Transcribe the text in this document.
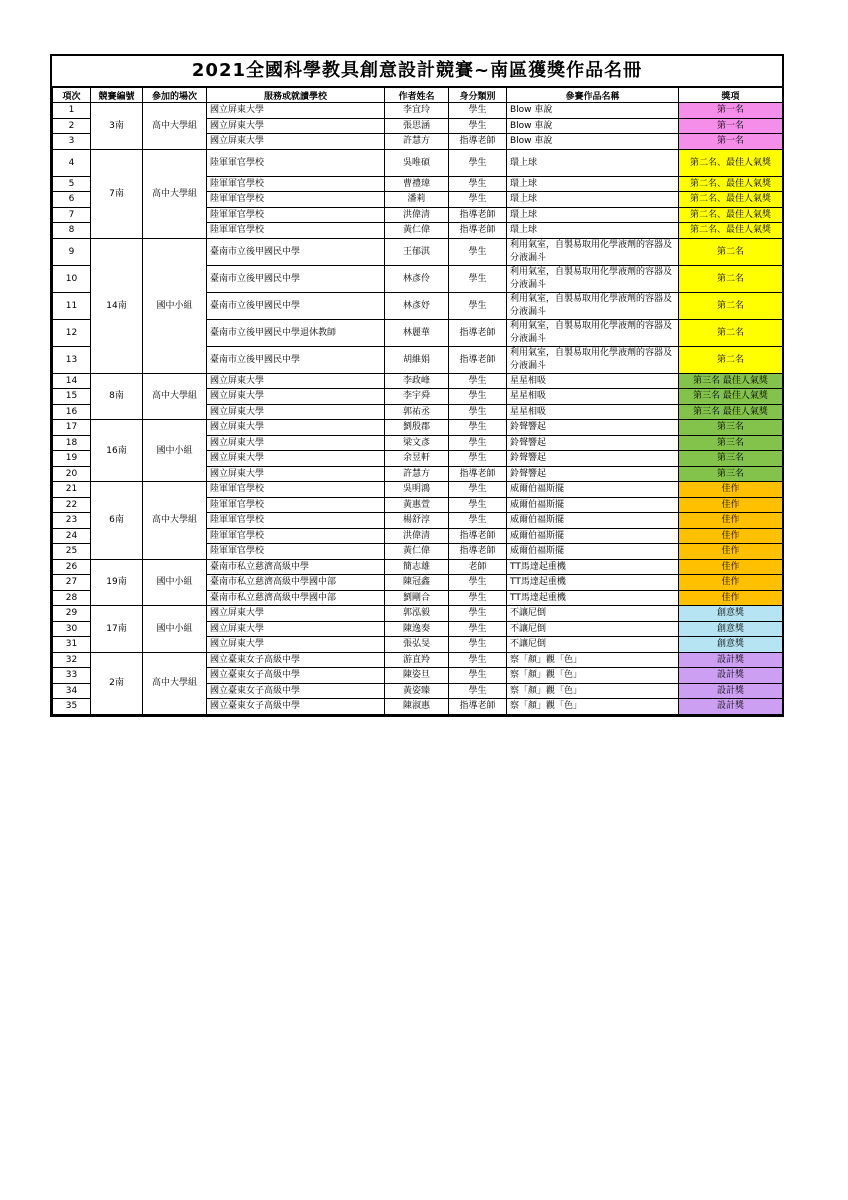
2021全國科學教具創意設計競賽~南區獲獎作品名冊
項次	競賽編號	參加的場次	服務或就讀學校	作者姓名	身分類別	參賽作品名稱	獎項
1	3南	高中大學組	國立屏東大學	李宜玲	學生	Blow 車說	第一名
2			國立屏東大學	張思涵	學生	Blow 車說	第一名
3			國立屏東大學	許慧方	指導老師	Blow 車說	第一名
4	7南	高中大學組	陸軍軍官學校	吳唯碩	學生	環上球	第二名、最佳人氣獎
5			陸軍軍官學校	曹禮瑋	學生	環上球	第二名、最佳人氣獎
6			陸軍軍官學校	潘莉	學生	環上球	第二名、最佳人氣獎
7			陸軍軍官學校	洪偉清	指導老師	環上球	第二名、最佳人氣獎
8			陸軍軍官學校	黃仁偉	指導老師	環上球	第二名、最佳人氣獎
9	14南	國中小組	臺南市立後甲國民中學	王郁淇	學生	利用氣室，自製易取用化學液劑的容器及分液漏斗	第二名
10			臺南市立後甲國民中學	林彥伶	學生	利用氣室，自製易取用化學液劑的容器及分液漏斗	第二名
11			臺南市立後甲國民中學	林彥妤	學生	利用氣室，自製易取用化學液劑的容器及分液漏斗	第二名
12			臺南市立後甲國民中學退休教師	林麗華	指導老師	利用氣室，自製易取用化學液劑的容器及分液漏斗	第二名
13			臺南市立後甲國民中學	胡維娟	指導老師	利用氣室，自製易取用化學液劑的容器及分液漏斗	第二名
14	8南	高中大學組	國立屏東大學	李政峰	學生	星星相吸	第三名 最佳人氣獎
15			國立屏東大學	李宇舜	學生	星星相吸	第三名 最佳人氣獎
16			國立屏東大學	郭祐丞	學生	星星相吸	第三名 最佳人氣獎
17	16南	國中小組	國立屏東大學	劉殷郡	學生	鈴聲響起	第三名
18			國立屏東大學	梁文彥	學生	鈴聲響起	第三名
19			國立屏東大學	余昱軒	學生	鈴聲響起	第三名
20			國立屏東大學	許慧方	指導老師	鈴聲響起	第三名
21	6南	高中大學組	陸軍軍官學校	吳明鴻	學生	威爾伯福斯擺	佳作
22			陸軍軍官學校	黃惠萱	學生	威爾伯福斯擺	佳作
23			陸軍軍官學校	楊舒淳	學生	威爾伯福斯擺	佳作
24			陸軍軍官學校	洪偉清	指導老師	威爾伯福斯擺	佳作
25			陸軍軍官學校	黃仁偉	指導老師	威爾伯福斯擺	佳作
26	19南	國中小組	臺南市私立慈濟高級中學	簡志雄	老師	TT馬達起重機	佳作
27			臺南市私立慈濟高級中學國中部	陳冠鑫	學生	TT馬達起重機	佳作
28			臺南市私立慈濟高級中學國中部	劉剛合	學生	TT馬達起重機	佳作
29	17南	國中小組	國立屏東大學	郭泓毅	學生	不讓尼倒	創意獎
30			國立屏東大學	陳逸奏	學生	不讓尼倒	創意獎
31			國立屏東大學	張弘旻	學生	不讓尼倒	創意獎
32	2南	高中大學組	國立臺東女子高級中學	游直羚	學生	察「顏」觀「色」	設計獎
33			國立臺東女子高級中學	陳姿旦	學生	察「顏」觀「色」	設計獎
34			國立臺東女子高級中學	黃姿臻	學生	察「顏」觀「色」	設計獎
35			國立臺東女子高級中學	陳淑惠	指導老師	察「顏」觀「色」	設計獎
